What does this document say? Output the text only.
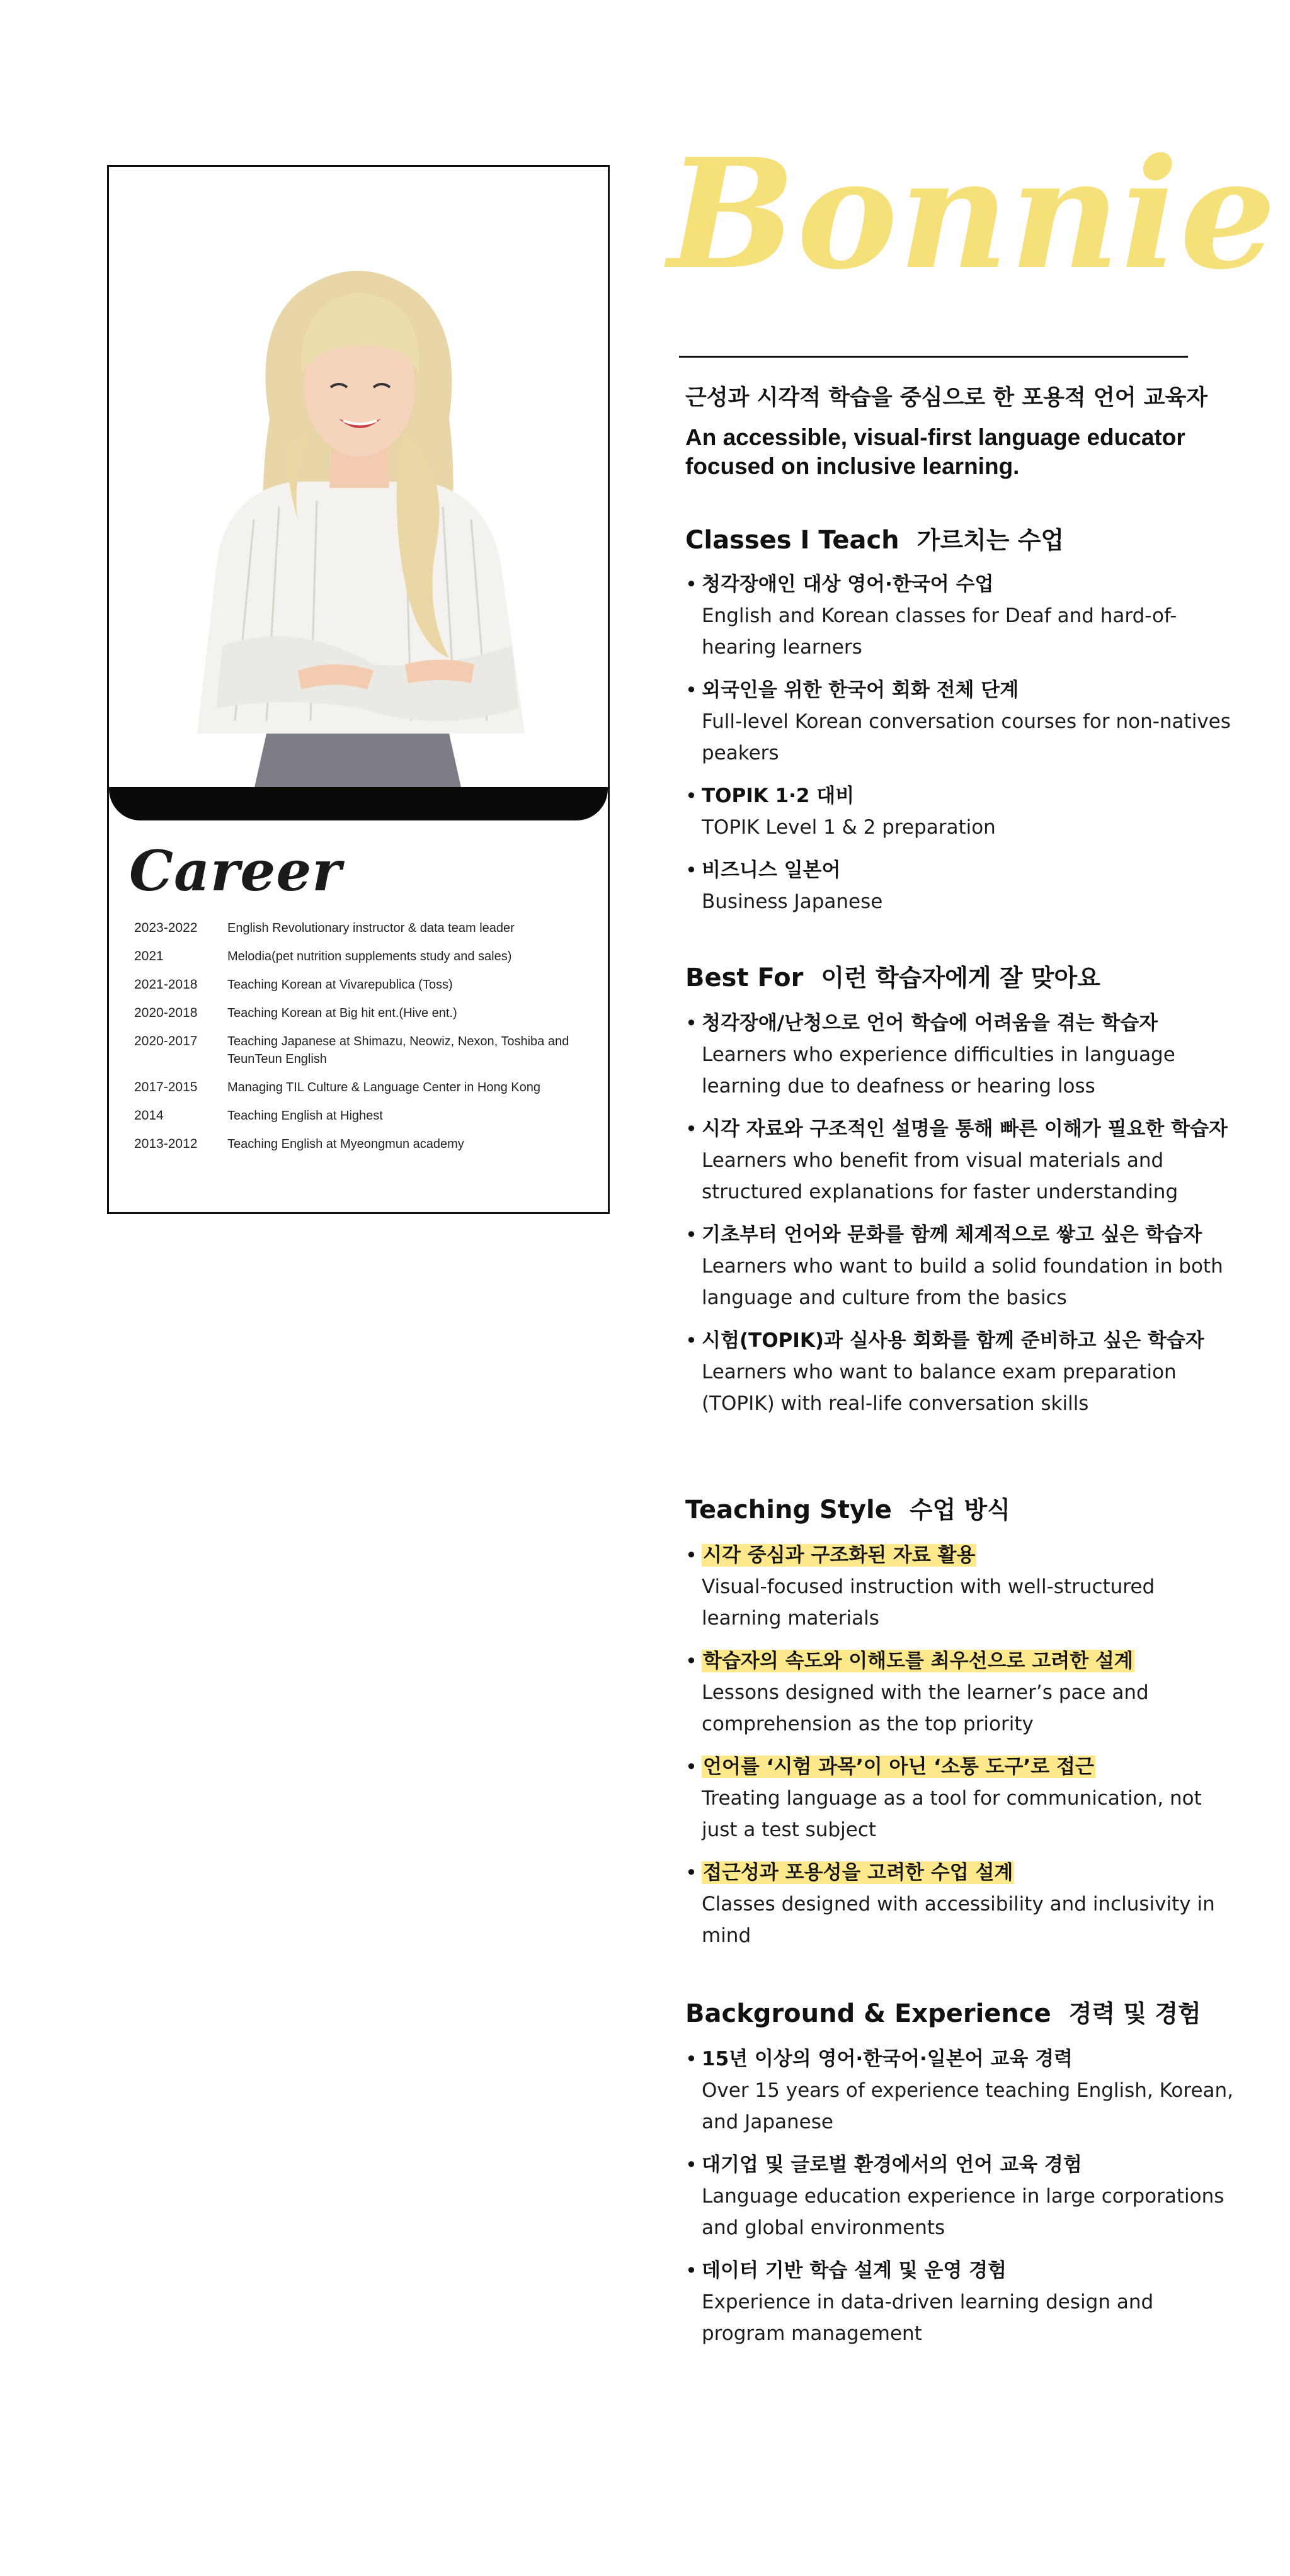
Career
2023-2022	English Revolutionary instructor & data team leader
2021	Melodia(pet nutrition supplements study and sales)
2021-2018	Teaching Korean at Vivarepublica (Toss)
2020-2018	Teaching Korean at Big hit ent.(Hive ent.)
2020-2017	Teaching Japanese at Shimazu, Neowiz, Nexon, Toshiba and TeunTeun English
2017-2015	Managing TIL Culture & Language Center in Hong Kong
2014	Teaching English at Highest
2013-2012	Teaching English at Myeongmun academy
Bonnie

근성과 시각적 학습을 중심으로 한 포용적 언어 교육자

An accessible, visual-first language educator focused on inclusive learning.

Classes I Teach 가르치는 수업
• 청각장애인 대상 영어·한국어 수업
English and Korean classes for Deaf and hard-of-hearing learners
• 외국인을 위한 한국어 회화 전체 단계
Full-level Korean conversation courses for non-natives peakers
• TOPIK 1·2 대비
TOPIK Level 1 & 2 preparation
• 비즈니스 일본어
Business Japanese
Best For 이런 학습자에게 잘 맞아요
• 청각장애/난청으로 언어 학습에 어려움을 겪는 학습자
Learners who experience difficulties in language learning due to deafness or hearing loss
• 시각 자료와 구조적인 설명을 통해 빠른 이해가 필요한 학습자
Learners who benefit from visual materials and structured explanations for faster understanding
• 기초부터 언어와 문화를 함께 체계적으로 쌓고 싶은 학습자
Learners who want to build a solid foundation in both language and culture from the basics
• 시험(TOPIK)과 실사용 회화를 함께 준비하고 싶은 학습자
Learners who want to balance exam preparation (TOPIK) with real-life conversation skills
Teaching Style 수업 방식
• 시각 중심과 구조화된 자료 활용
Visual-focused instruction with well-structured learning materials
• 학습자의 속도와 이해도를 최우선으로 고려한 설계
Lessons designed with the learner’s pace and comprehension as the top priority
• 언어를 ‘시험 과목’이 아닌 ‘소통 도구’로 접근
Treating language as a tool for communication, not just a test subject
• 접근성과 포용성을 고려한 수업 설계
Classes designed with accessibility and inclusivity in mind
Background & Experience 경력 및 경험
• 15년 이상의 영어·한국어·일본어 교육 경력
Over 15 years of experience teaching English, Korean, and Japanese
• 대기업 및 글로벌 환경에서의 언어 교육 경험
Language education experience in large corporations and global environments
• 데이터 기반 학습 설계 및 운영 경험
Experience in data-driven learning design and program management
